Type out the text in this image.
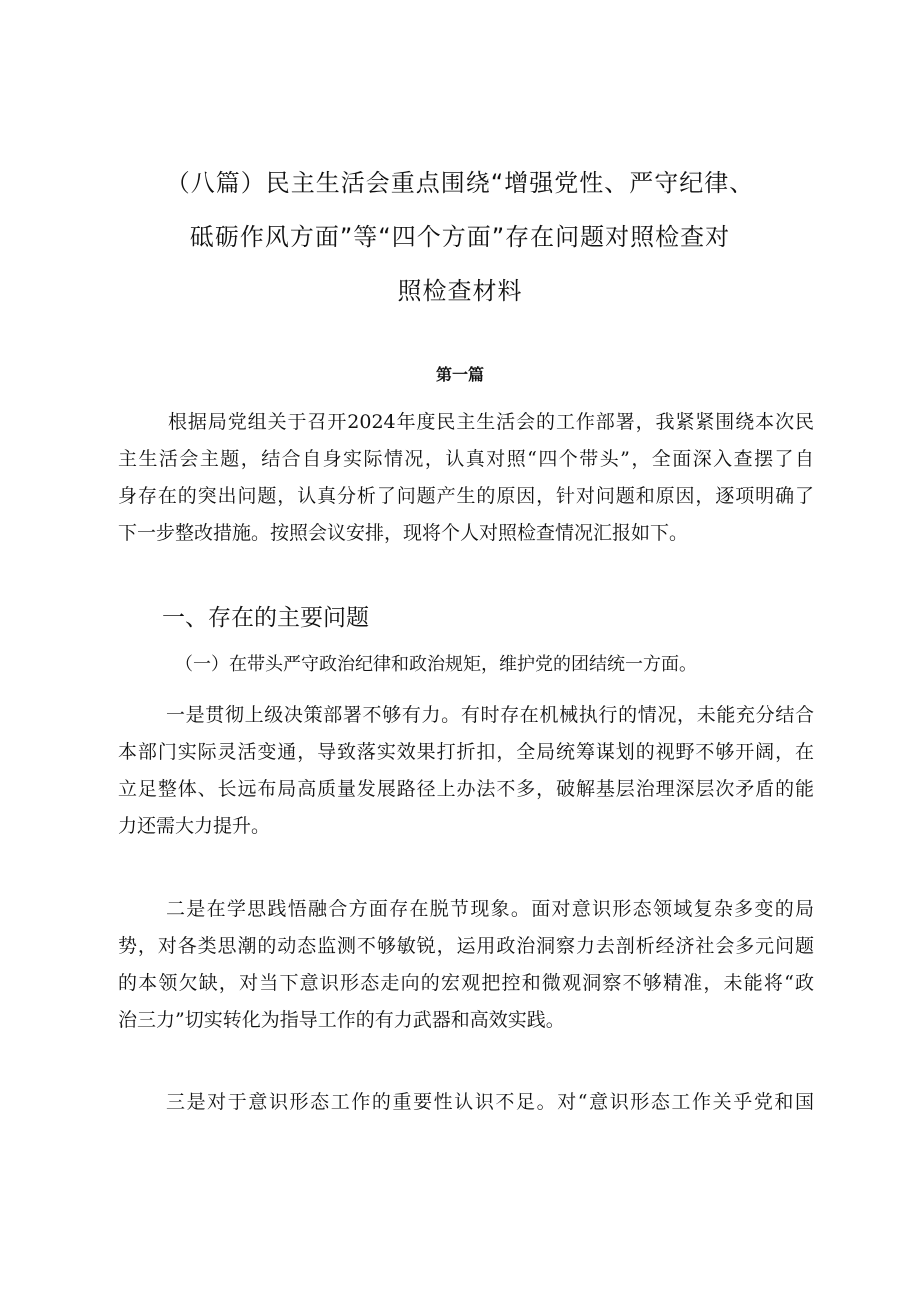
（八篇）民主生活会重点围绕“增强党性、严守纪律、
砥砺作风方面”等“四个方面”存在问题对照检查对
照检查材料
第一篇
根据局党组关于召开2024年度民主生活会的工作部署，我紧紧围绕本次民
主生活会主题，结合自身实际情况，认真对照“四个带头”，全面深入查摆了自
身存在的突出问题，认真分析了问题产生的原因，针对问题和原因，逐项明确了
下一步整改措施。按照会议安排，现将个人对照检查情况汇报如下。
一、存在的主要问题
（一）在带头严守政治纪律和政治规矩，维护党的团结统一方面。
一是贯彻上级决策部署不够有力。有时存在机械执行的情况，未能充分结合
本部门实际灵活变通，导致落实效果打折扣，全局统筹谋划的视野不够开阔，在
立足整体、长远布局高质量发展路径上办法不多，破解基层治理深层次矛盾的能
力还需大力提升。
二是在学思践悟融合方面存在脱节现象。面对意识形态领域复杂多变的局
势，对各类思潮的动态监测不够敏锐，运用政治洞察力去剖析经济社会多元问题
的本领欠缺，对当下意识形态走向的宏观把控和微观洞察不够精准，未能将“政
治三力”切实转化为指导工作的有力武器和高效实践。
三是对于意识形态工作的重要性认识不足。对“意识形态工作关乎党和国
